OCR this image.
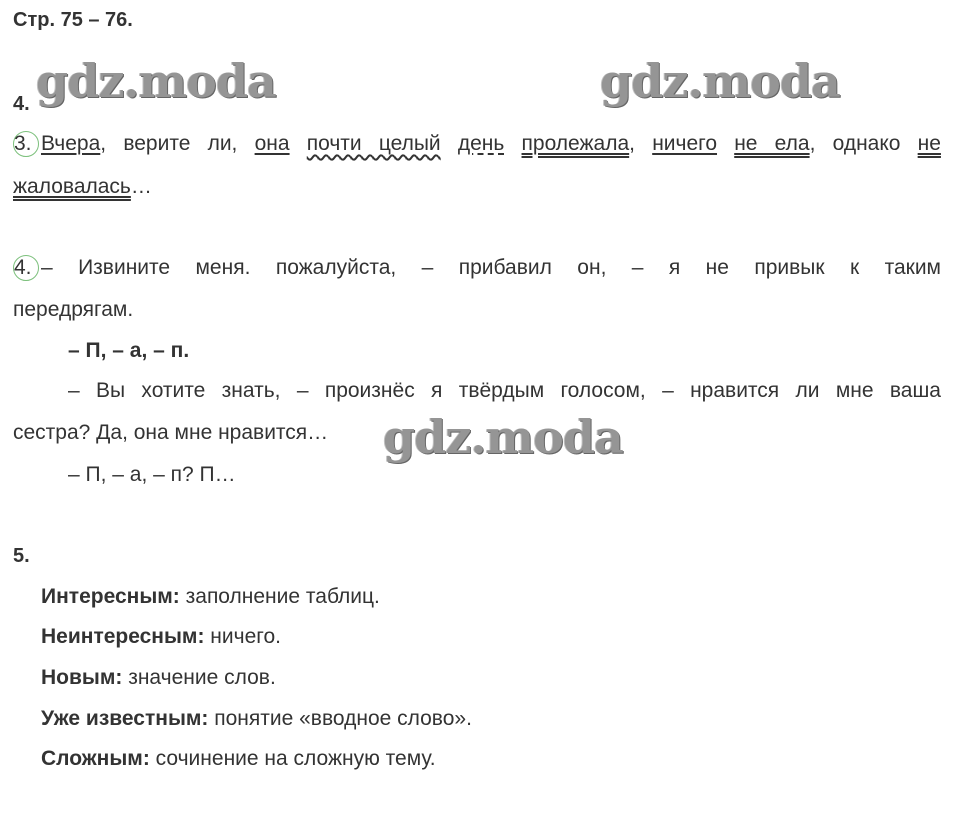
Стр. 75 – 76.
gdz.moda	gdz.moda
gdz.moda
4.
3. Вчера, верите ли, она почти целый день пролежала, ничего не ела, однако не
жаловалась…
4. – Извините меня. пожалуйста, – прибавил он, – я не привык к таким
передрягам.
– П, – а, – п.
– Вы хотите знать, – произнёс я твёрдым голосом, – нравится ли мне ваша
сестра? Да, она мне нравится…
– П, – а, – п? П…
5.
Интересным: заполнение таблиц.
Неинтересным: ничего.
Новым: значение слов.
Уже известным: понятие «вводное слово».
Сложным: сочинение на сложную тему.
